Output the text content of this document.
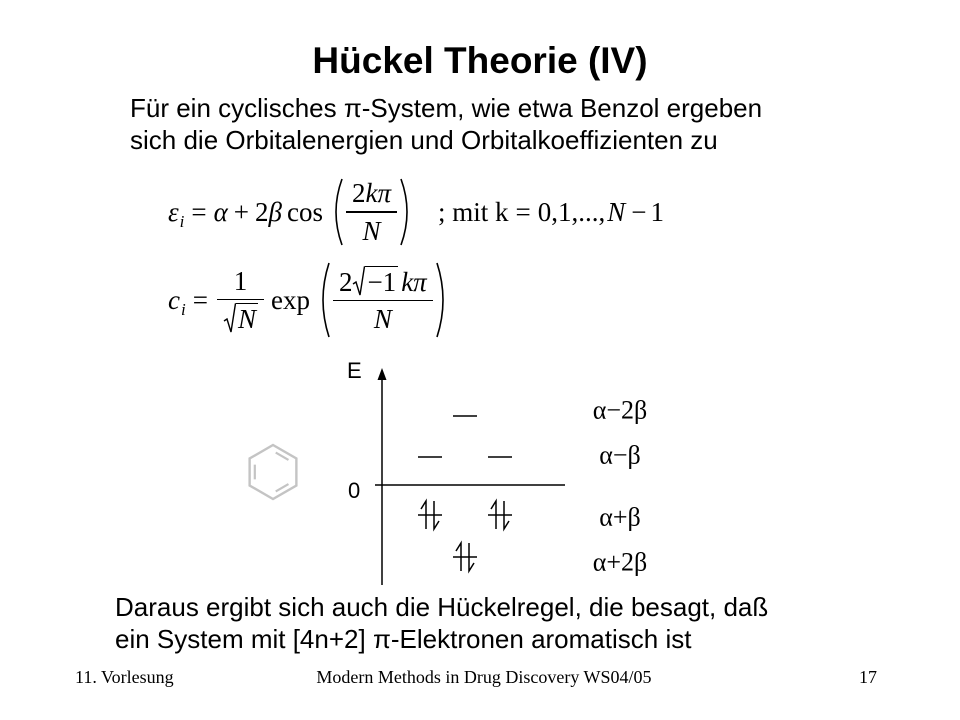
Hückel Theorie (IV)
Für ein cyclisches π-System, wie etwa Benzol ergeben
sich die Orbitalenergien und Orbitalkoeffizienten zu
$\varepsilon_i = \alpha + 2$ β $\cos \frac{2 k\pi}{N}$ ; mit k = 0,1,..., N − 1
$c_i = \frac{1}{N}$ $\exp \frac{2 -1 k\pi}{N}$
E
0
α−2β
α−β
α+β
α+2β
Daraus ergibt sich auch die Hückelregel, die besagt, daß
ein System mit [4n+2] π-Elektronen aromatisch ist
11. Vorlesung	Modern Methods in Drug Discovery WS04/05	17
